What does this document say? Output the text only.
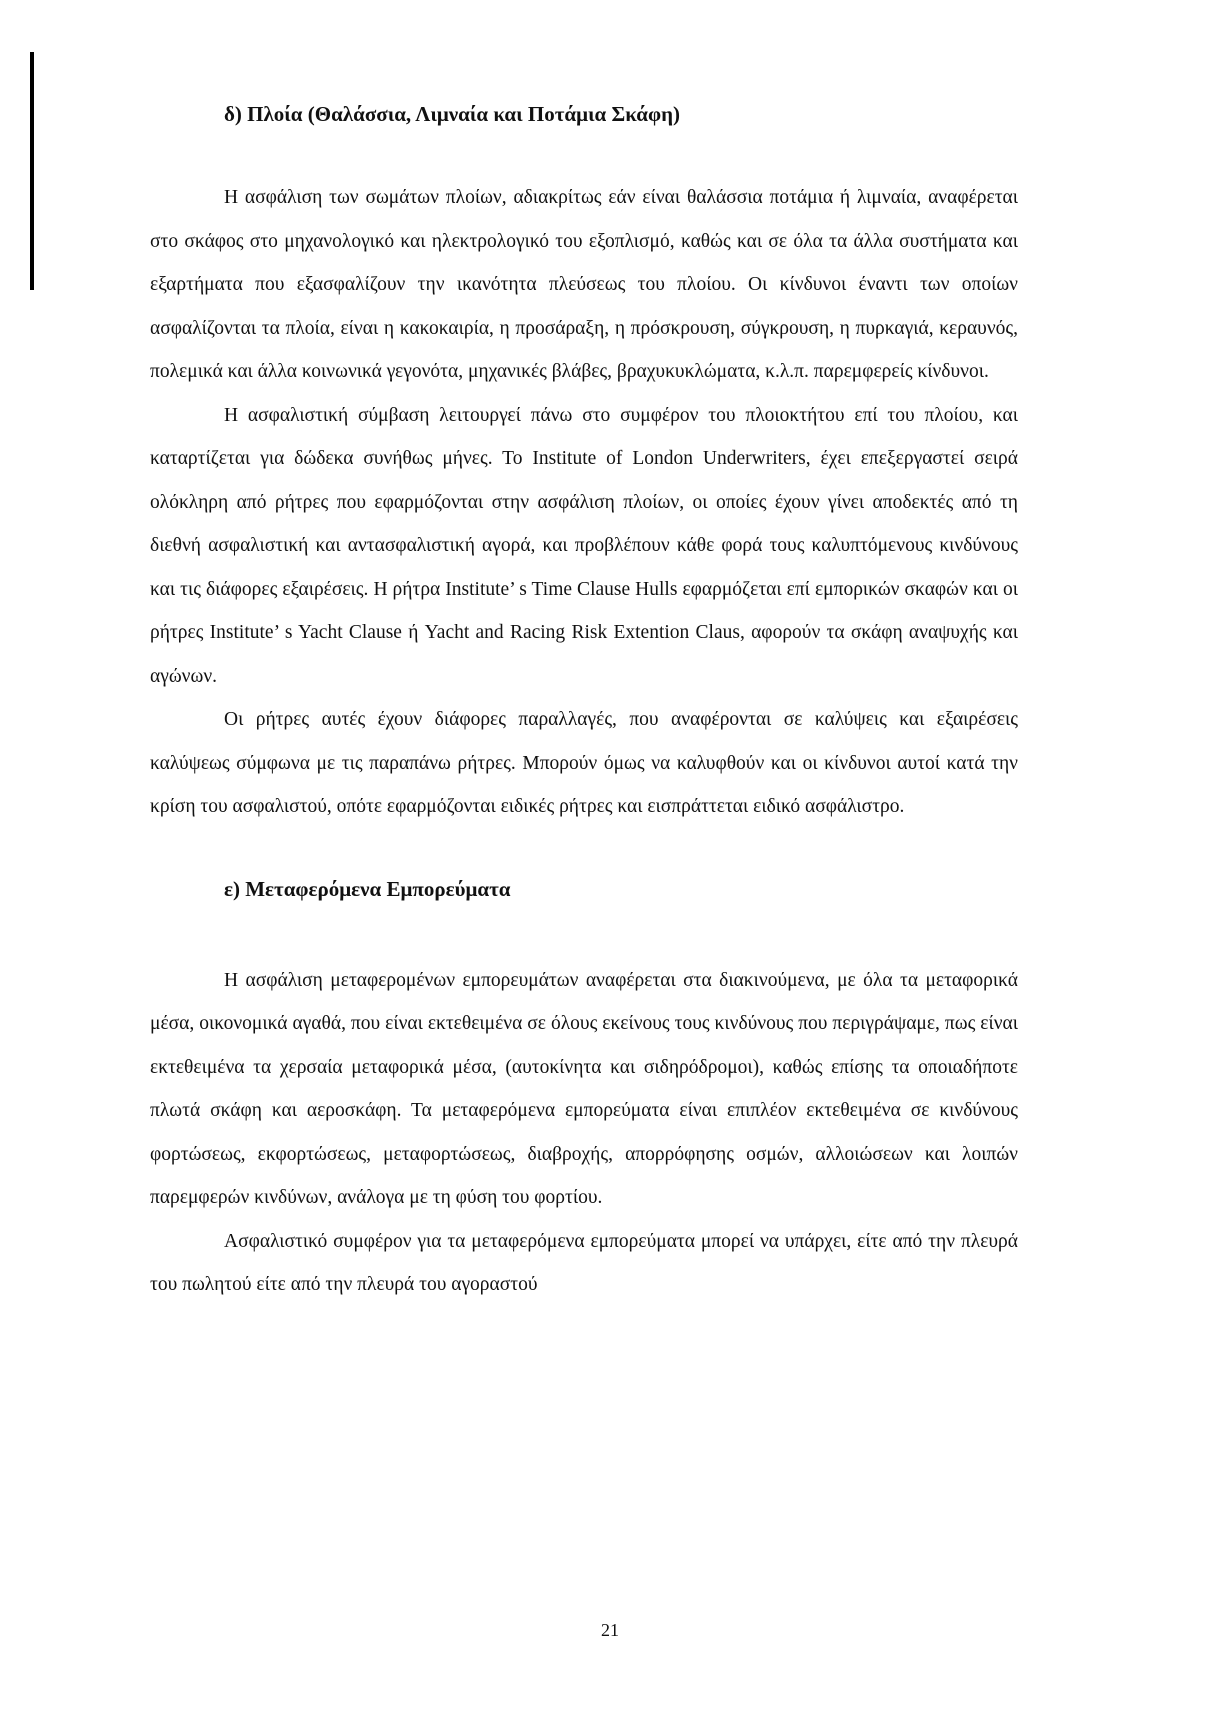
δ) Πλοία (Θαλάσσια, Λιμναία και Ποτάμια Σκάφη)

Η ασφάλιση των σωμάτων πλοίων, αδιακρίτως εάν είναι θαλάσσια ποτάμια ή λιμναία, αναφέρεται στο σκάφος στο μηχανολογικό και ηλεκτρολογικό του εξοπλισμό, καθώς και σε όλα τα άλλα συστήματα και εξαρτήματα που εξασφαλίζουν την ικανότητα πλεύσεως του πλοίου. Οι κίνδυνοι έναντι των οποίων ασφαλίζονται τα πλοία, είναι η κακοκαιρία, η προσάραξη, η πρόσκρουση, σύγκρουση, η πυρκαγιά, κεραυνός, πολεμικά και άλλα κοινωνικά γεγονότα, μηχανικές βλάβες, βραχυκυκλώματα, κ.λ.π. παρεμφερείς κίνδυνοι.

Η ασφαλιστική σύμβαση λειτουργεί πάνω στο συμφέρον του πλοιοκτήτου επί του πλοίου, και καταρτίζεται για δώδεκα συνήθως μήνες. Το Institute of London Underwriters, έχει επεξεργαστεί σειρά ολόκληρη από ρήτρες που εφαρμόζονται στην ασφάλιση πλοίων, οι οποίες έχουν γίνει αποδεκτές από τη διεθνή ασφαλιστική και αντασφαλιστική αγορά, και προβλέπουν κάθε φορά τους καλυπτόμενους κινδύνους και τις διάφορες εξαιρέσεις. Η ρήτρα Institute’ s Time Clause Hulls εφαρμόζεται επί εμπορικών σκαφών και οι ρήτρες Institute’ s Yacht Clause ή Yacht and Racing Risk Extention Claus, αφορούν τα σκάφη αναψυχής και αγώνων.

Οι ρήτρες αυτές έχουν διάφορες παραλλαγές, που αναφέρονται σε καλύψεις και εξαιρέσεις καλύψεως σύμφωνα με τις παραπάνω ρήτρες. Μπορούν όμως να καλυφθούν και οι κίνδυνοι αυτοί κατά την κρίση του ασφαλιστού, οπότε εφαρμόζονται ειδικές ρήτρες και εισπράττεται ειδικό ασφάλιστρο.

ε) Μεταφερόμενα Εμπορεύματα

Η ασφάλιση μεταφερομένων εμπορευμάτων αναφέρεται στα διακινούμενα, με όλα τα μεταφορικά μέσα, οικονομικά αγαθά, που είναι εκτεθειμένα σε όλους εκείνους τους κινδύνους που περιγράψαμε, πως είναι εκτεθειμένα τα χερσαία μεταφορικά μέσα, (αυτοκίνητα και σιδηρόδρομοι), καθώς επίσης τα οποιαδήποτε πλωτά σκάφη και αεροσκάφη. Τα μεταφερόμενα εμπορεύματα είναι επιπλέον εκτεθειμένα σε κινδύνους φορτώσεως, εκφορτώσεως, μεταφορτώσεως, διαβροχής, απορρόφησης οσμών, αλλοιώσεων και λοιπών παρεμφερών κινδύνων, ανάλογα με τη φύση του φορτίου.

Ασφαλιστικό συμφέρον για τα μεταφερόμενα εμπορεύματα μπορεί να υπάρχει, είτε από την πλευρά του πωλητού είτε από την πλευρά του αγοραστού

21
